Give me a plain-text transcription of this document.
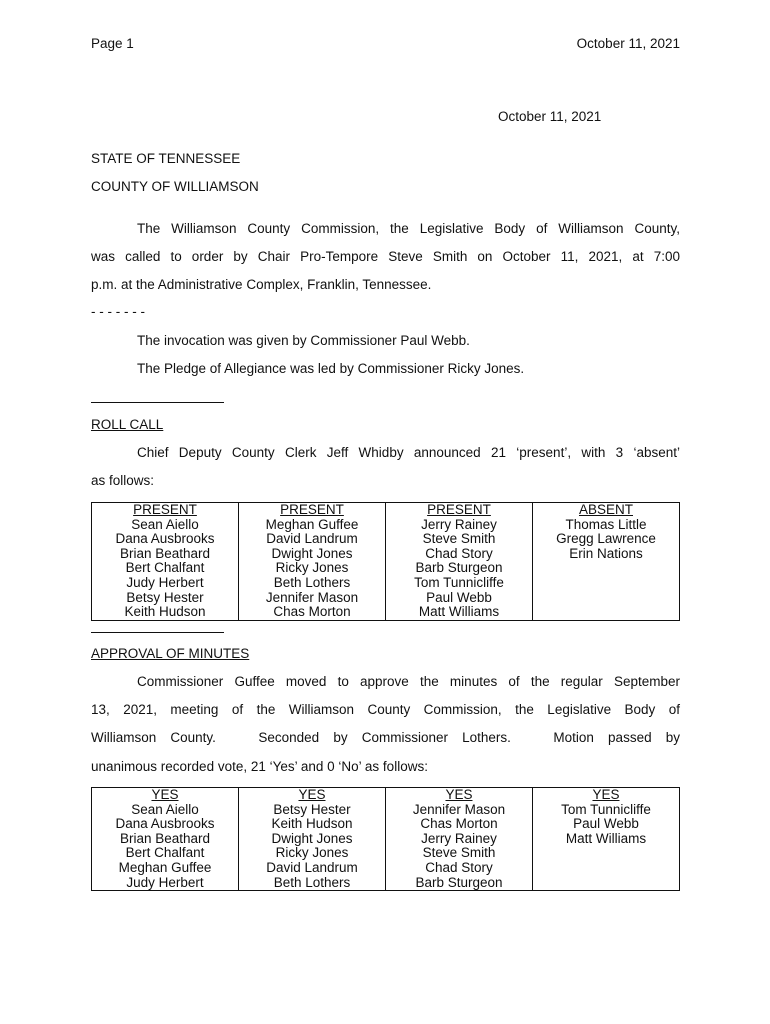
Page 1	October 11, 2021
October 11, 2021
STATE OF TENNESSEE
COUNTY OF WILLIAMSON
The Williamson County Commission, the Legislative Body of Williamson County,
was called to order by Chair Pro-Tempore Steve Smith on October 11, 2021, at 7:00
p.m. at the Administrative Complex, Franklin, Tennessee.
- - - - - - -
The invocation was given by Commissioner Paul Webb.
The Pledge of Allegiance was led by Commissioner Ricky Jones.
ROLL CALL
Chief Deputy County Clerk Jeff Whidby announced 21 ‘present’, with 3 ‘absent’
as follows:
PRESENT	PRESENT	PRESENT	ABSENT
Sean Aiello	Meghan Guffee	Jerry Rainey	Thomas Little
Dana Ausbrooks	David Landrum	Steve Smith	Gregg Lawrence
Brian Beathard	Dwight Jones	Chad Story	Erin Nations
Bert Chalfant	Ricky Jones	Barb Sturgeon	
Judy Herbert	Beth Lothers	Tom Tunnicliffe	
Betsy Hester	Jennifer Mason	Paul Webb	
Keith Hudson	Chas Morton	Matt Williams	
APPROVAL OF MINUTES
Commissioner Guffee moved to approve the minutes of the regular September
13, 2021, meeting of the Williamson County Commission, the Legislative Body of
Williamson County.   Seconded by Commissioner Lothers.   Motion passed by
unanimous recorded vote, 21 ‘Yes’ and 0 ‘No’ as follows:
YES	YES	YES	YES
Sean Aiello	Betsy Hester	Jennifer Mason	Tom Tunnicliffe
Dana Ausbrooks	Keith Hudson	Chas Morton	Paul Webb
Brian Beathard	Dwight Jones	Jerry Rainey	Matt Williams
Bert Chalfant	Ricky Jones	Steve Smith	
Meghan Guffee	David Landrum	Chad Story	
Judy Herbert	Beth Lothers	Barb Sturgeon	
